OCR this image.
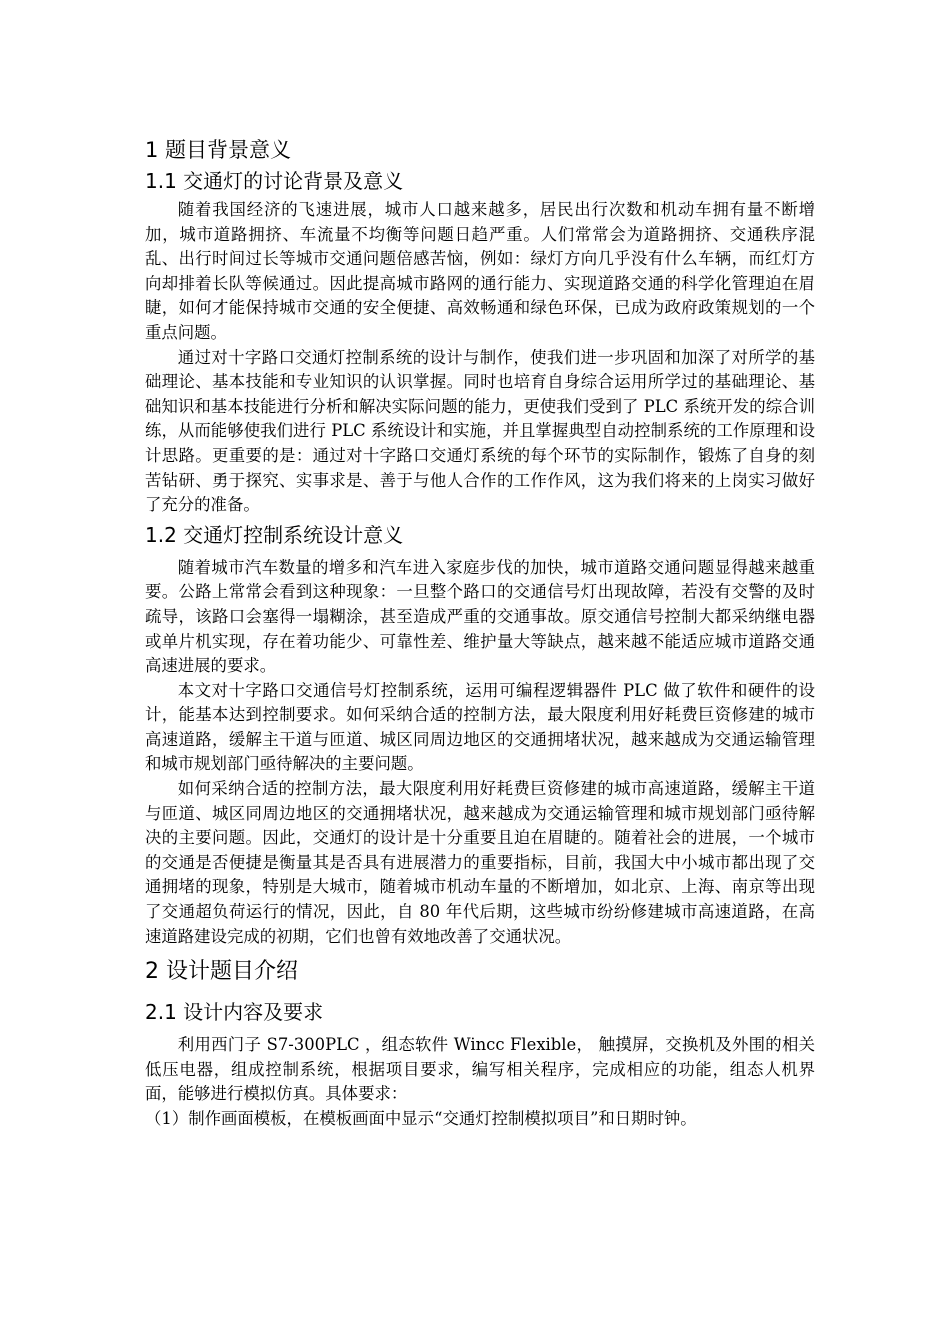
1 题目背景意义
1.1 交通灯的讨论背景及意义

随着我国经济的飞速进展，城市人口越来越多，居民出行次数和机动车拥有量不断增加，城市道路拥挤、车流量不均衡等问题日趋严重。人们常常会为道路拥挤、交通秩序混乱、出行时间过长等城市交通问题倍感苦恼，例如：绿灯方向几乎没有什么车辆，而红灯方向却排着长队等候通过。因此提高城市路网的通行能力、实现道路交通的科学化管理迫在眉睫，如何才能保持城市交通的安全便捷、高效畅通和绿色环保，已成为政府政策规划的一个重点问题。

通过对十字路口交通灯控制系统的设计与制作，使我们进一步巩固和加深了对所学的基础理论、基本技能和专业知识的认识掌握。同时也培育自身综合运用所学过的基础理论、基础知识和基本技能进行分析和解决实际问题的能力，更使我们受到了 PLC 系统开发的综合训练，从而能够使我们进行 PLC 系统设计和实施，并且掌握典型自动控制系统的工作原理和设计思路。更重要的是：通过对十字路口交通灯系统的每个环节的实际制作，锻炼了自身的刻苦钻研、勇于探究、实事求是、善于与他人合作的工作作风，这为我们将来的上岗实习做好了充分的准备。

1.2 交通灯控制系统设计意义

随着城市汽车数量的增多和汽车进入家庭步伐的加快，城市道路交通问题显得越来越重要。公路上常常会看到这种现象：一旦整个路口的交通信号灯出现故障，若没有交警的及时疏导，该路口会塞得一塌糊涂，甚至造成严重的交通事故。原交通信号控制大都采纳继电器或单片机实现，存在着功能少、可靠性差、维护量大等缺点，越来越不能适应城市道路交通高速进展的要求。

本文对十字路口交通信号灯控制系统，运用可编程逻辑器件 PLC 做了软件和硬件的设计，能基本达到控制要求。如何采纳合适的控制方法，最大限度利用好耗费巨资修建的城市高速道路，缓解主干道与匝道、城区同周边地区的交通拥堵状况，越来越成为交通运输管理和城市规划部门亟待解决的主要问题。

如何采纳合适的控制方法，最大限度利用好耗费巨资修建的城市高速道路，缓解主干道与匝道、城区同周边地区的交通拥堵状况，越来越成为交通运输管理和城市规划部门亟待解决的主要问题。因此，交通灯的设计是十分重要且迫在眉睫的。随着社会的进展，一个城市的交通是否便捷是衡量其是否具有进展潜力的重要指标，目前，我国大中小城市都出现了交通拥堵的现象，特别是大城市，随着城市机动车量的不断增加，如北京、上海、南京等出现了交通超负荷运行的情况，因此，自 80 年代后期，这些城市纷纷修建城市高速道路，在高速道路建设完成的初期，它们也曾有效地改善了交通状况。

2 设计题目介绍
2.1 设计内容及要求

利用西门子 S7-300PLC ，组态软件 Wincc Flexible， 触摸屏，交换机及外围的相关低压电器，组成控制系统，根据项目要求，编写相关程序，完成相应的功能，组态人机界面，能够进行模拟仿真。具体要求：

（1）制作画面模板，在模板画面中显示“交通灯控制模拟项目”和日期时钟。
